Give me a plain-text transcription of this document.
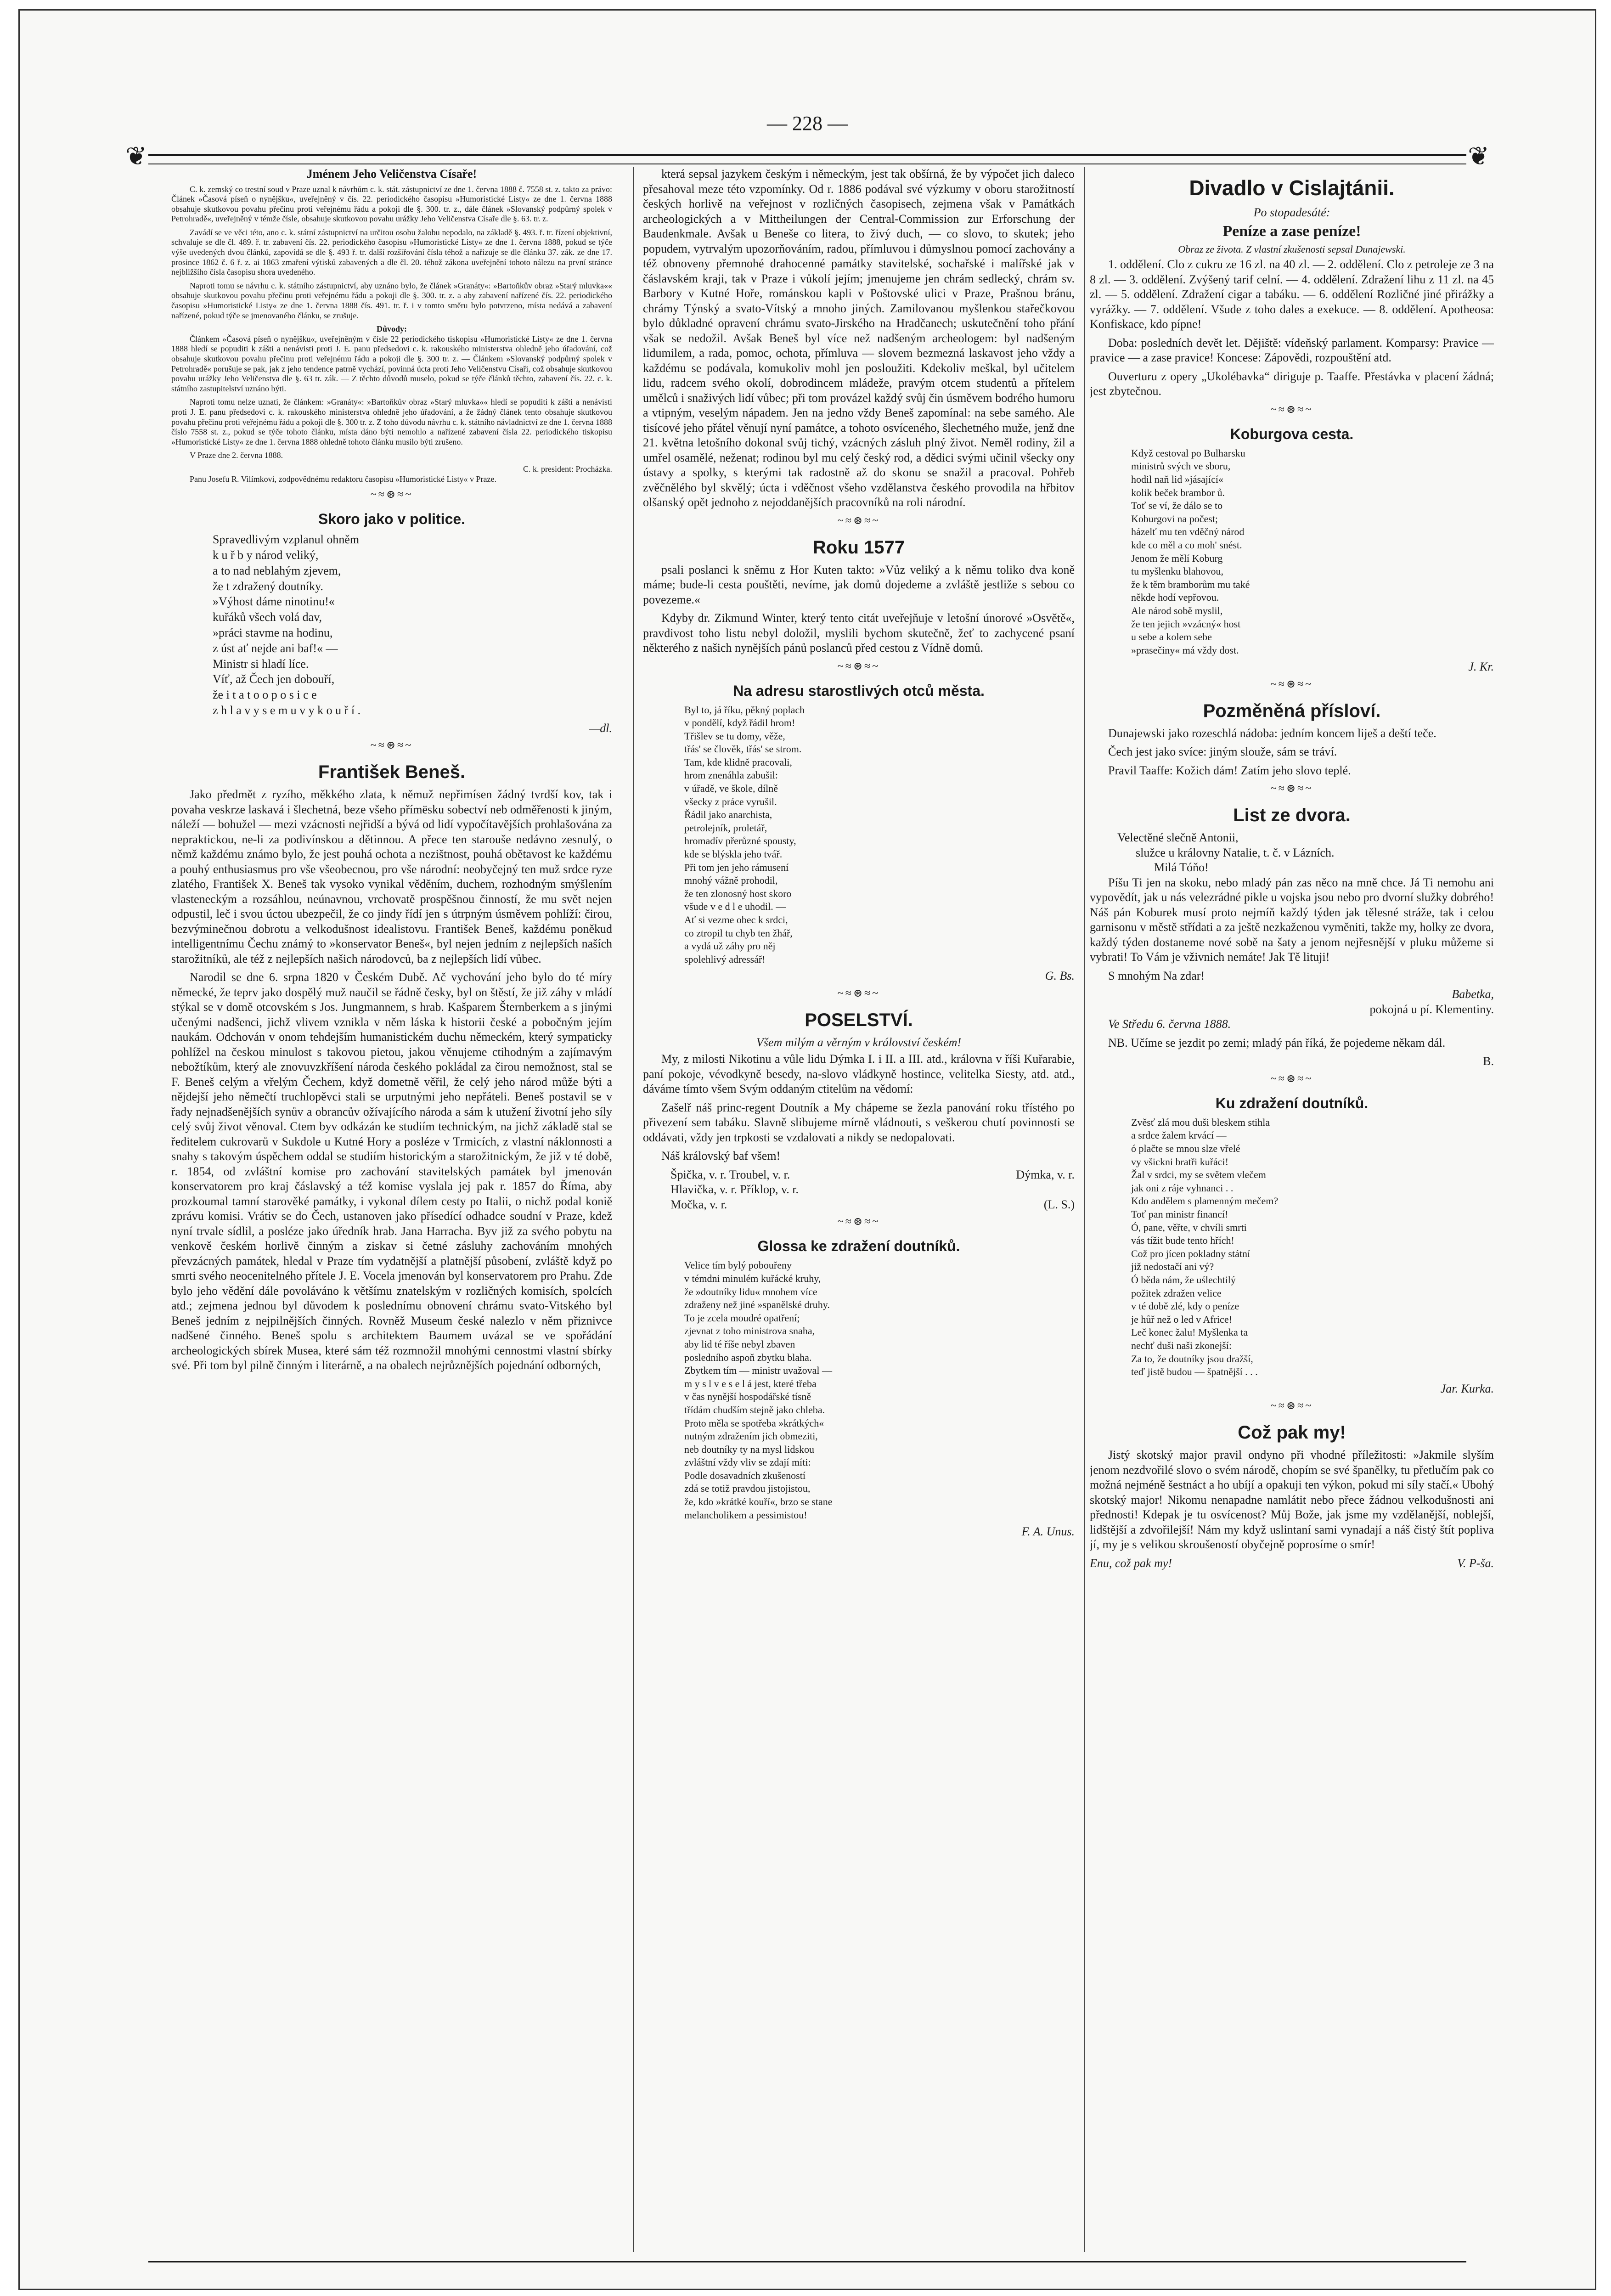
— 228 —
❦	❦
Jménem Jeho Veličenstva Císaře!

C. k. zemský co trestní soud v Praze uznal k návrhům c. k. stát. zástupnictví ze dne 1. června 1888 č. 7558 st. z. takto za právo: Článek »Časová píseň o nynějšku«, uveřejněný v čís. 22. periodického časopisu »Humoristické Listy« ze dne 1. června 1888 obsahuje skutkovou povahu přečinu proti veřejnému řádu a pokoji dle §. 300. tr. z., dále článek »Slovanský podpůrný spolek v Petrohradě«, uveřejněný v témže čísle, obsahuje skutkovou povahu urážky Jeho Veličenstva Císaře dle §. 63. tr. z.

Zavádí se ve věci této, ano c. k. státní zástupnictví na určitou osobu žalobu nepodalo, na základě §. 493. ř. tr. řízení objektivní, schvaluje se dle čl. 489. ř. tr. zabavení čís. 22. periodického časopisu »Humoristické Listy« ze dne 1. června 1888, pokud se týče výše uvedených dvou článků, zapovídá se dle §. 493 ř. tr. další rozšiřování čísla téhož a nařizuje se dle článku 37. zák. ze dne 17. prosince 1862 č. 6 ř. z. ai 1863 zmaření výtisků zabavených a dle čl. 20. téhož zákona uveřejnění tohoto nálezu na první stránce nejbližšího čísla časopisu shora uvedeného.

Naproti tomu se návrhu c. k. státního zástupnictví, aby uznáno bylo, že článek »Granáty«: »Bartoňkův obraz »Starý mluvka«« obsahuje skutkovou povahu přečinu proti veřejnému řádu a pokoji dle §. 300. tr. z. a aby zabavení nařízené čís. 22. periodického časopisu »Humoristické Listy« ze dne 1. června 1888 čís. 491. tr. ř. i v tomto směru bylo potvrzeno, místa nedává a zabavení nařízené, pokud týče se jmenovaného článku, se zrušuje.

Důvody:

Článkem »Časová píseň o nynějšku«, uveřejněným v čísle 22 periodického tiskopisu »Humoristické Listy« ze dne 1. června 1888 hledí se popuditi k zášti a nenávisti proti J. E. panu předsedovi c. k. rakouského ministerstva ohledně jeho úřadování, což obsahuje skutkovou povahu přečinu proti veřejnému řádu a pokoji dle §. 300 tr. z. — Článkem »Slovanský podpůrný spolek v Petrohradě« porušuje se pak, jak z jeho tendence patrně vychází, povinná úcta proti Jeho Veličenstvu Císaři, což obsahuje skutkovou povahu urážky Jeho Veličenstva dle §. 63 tr. zák. — Z těchto důvodů muselo, pokud se týče článků těchto, zabavení čís. 22. c. k. státního zastupitelství uznáno býti.

Naproti tomu nelze uznati, že článkem: »Granáty«: »Bartoňkův obraz »Starý mluvka«« hledí se popuditi k zášti a nenávisti proti J. E. panu předsedovi c. k. rakouského ministerstva ohledně jeho úřadování, a že žádný článek tento obsahuje skutkovou povahu přečinu proti veřejnému řádu a pokoji dle §. 300 tr. z. Z toho důvodu návrhu c. k. státního návladnictví ze dne 1. června 1888 číslo 7558 st. z., pokud se týče tohoto článku, místa dáno býti nemohlo a nařízené zabavení čísla 22. periodického tiskopisu »Humoristické Listy« ze dne 1. června 1888 ohledně tohoto článku musilo býti zrušeno.

V Praze dne 2. června 1888.

C. k. president: Procházka.

Panu Josefu R. Vilímkovi, zodpovědnému redaktoru časopisu »Humoristické Listy« v Praze.

~≈⊛≈~
Skoro jako v politice.
Spravedlivým vzplanul ohněm
k u ř b y národ veliký,
a to nad neblahým zjevem,
že t zdražený doutníky.
»Výhost dáme ninotinu!«
kuřáků všech volá dav,
»práci stavme na hodinu,
z úst ať nejde ani baf!« —
Ministr si hladí líce.
Víť, až Čech jen dobouří,
že i t a t o o p o s i c e
z h l a v y s e m u v y k o u ř í .
—dl.
~≈⊛≈~
František Beneš.

Jako předmět z ryzího, měkkého zlata, k němuž nepřimísen žádný tvrdší kov, tak i povaha veskrze laskavá i šlechetná, beze všeho přímësku sobectví neb odměřenosti k jiným, náleží — bohužel — mezi vzácnosti nejřidší a bývá od lidí vypočítavějších prohlašována za nepraktickou, ne-li za podivínskou a dětinnou. A přece ten starouše nedávno zesnulý, o němž každému známo bylo, že jest pouhá ochota a nezištnost, pouhá obětavost ke každému a pouhý enthusiasmus pro vše všeobecnou, pro vše národní: neobyčejný ten muž srdce ryze zlatého, František X. Beneš tak vysoko vynikal věděním, duchem, rozhodným smýšlením vlasteneckým a rozsáhlou, neúnavnou, vrchovatě prospěšnou činností, že mu svět nejen odpustil, leč i svou úctou ubezpečil, že co jindy řídí jen s útrpným úsměvem pohlíží: čirou, bezvýminečnou dobrotu a velkodušnost idealistovu. František Beneš, každému poněkud intelligentnímu Čechu známý to »konservator Beneš«, byl nejen jedním z nejlepších naších starožitníků, ale též z nejlepších našich národovců, ba z nejlepších lidí vůbec.

Narodil se dne 6. srpna 1820 v Českém Dubě. Ač vychování jeho bylo do té míry německé, že teprv jako dospělý muž naučil se řádně česky, byl on štěstí, že již záhy v mládí stýkal se v domě otcovském s Jos. Jungmannem, s hrab. Kašparem Šternberkem a s jinými učenými nadšenci, jichž vlivem vznikla v něm láska k historii české a pobočným jejím naukám. Odchován v onom tehdejším humanistickém duchu německém, který sympaticky pohlížel na českou minulost s takovou pietou, jakou věnujeme ctihodným a zajímavým nebožtíkům, který ale znovuvzkříšení národa českého pokládal za čirou nemožnost, stal se F. Beneš celým a vřelým Čechem, když dometně věřil, že celý jeho národ může býti a nějdejší jeho němečtí truchlopěvci stali se urputnými jeho nepřáteli. Beneš postavil se v řady nejnadšenějších synův a obrancův ožívajícího národa a sám k utužení životní jeho síly celý svůj život věnoval. Ctem byv odkázán ke studiím technickým, na jichž základě stal se ředitelem cukrovarů v Sukdole u Kutné Hory a posléze v Trmicích, z vlastní náklonnosti a snahy s takovým úspěchem oddal se studiím historickým a starožitnickým, že již v té době, r. 1854, od zvláštní komise pro zachování stavitelských památek byl jmenován konservatorem pro kraj čáslavský a též komise vyslala jej pak r. 1857 do Říma, aby prozkoumal tamní starověké památky, i vykonal dílem cesty po Italii, o nichž podal koniě zprávu komisi. Vrátiv se do Čech, ustanoven jako přísedící odhadce soudní v Praze, kdež nyní trvale sídlil, a posléze jako úředník hrab. Jana Harracha. Byv již za svého pobytu na venkově českém horlivě činným a ziskav si četné zásluhy zachováním mnohých převzácných památek, hledal v Praze tím vydatnější a platnější působení, zvláště když po smrti svého neocenitelného přítele J. E. Vocela jmenován byl konservatorem pro Prahu. Zde bylo jeho vědění dále povoláváno k většímu znatelským v rozličných komisích, spolcích atd.; zejmena jednou byl důvodem k poslednímu obnovení chrámu svato-Vitského byl Beneš jedním z nejpilnějších činných. Rovněž Museum české nalezlo v něm přiznivce nadšené činného. Beneš spolu s architektem Baumem uvázal se ve spořádání archeologických sbírek Musea, které sám též rozmnožil mnohými cennostmi vlastní sbírky své. Při tom byl pilně činným i literárně, a na obalech nejrůznějších pojednání odborných,

která sepsal jazykem českým i německým, jest tak obšírná, že by výpočet jich daleco přesahoval meze této vzpomínky. Od r. 1886 podával své výzkumy v oboru starožitností českých horlivě na veřejnost v rozličných časopisech, zejmena však v Památkách archeologických a v Mittheilungen der Central-Commission zur Erforschung der Baudenkmale. Avšak u Beneše co litera, to živý duch, — co slovo, to skutek; jeho popudem, vytrvalým upozorňováním, radou, přímluvou i důmyslnou pomocí zachovány a též obnoveny přemnohé drahocenné památky stavitelské, sochařské i malířské jak v čáslavském kraji, tak v Praze i vůkolí jejím; jmenujeme jen chrám sedlecký, chrám sv. Barbory v Kutné Hoře, románskou kapli v Poštovské ulici v Praze, Prašnou bránu, chrámy Týnský a svato-Vítský a mnoho jiných. Zamilovanou myšlenkou stařečkovou bylo důkladné opravení chrámu svato-Jirského na Hradčanech; uskutečnění toho přání však se nedožil. Avšak Beneš byl více než nadšeným archeologem: byl nadšeným lidumilem, a rada, pomoc, ochota, přímluva — slovem bezmezná laskavost jeho vždy a každému se podávala, komukoliv mohl jen posloužiti. Kdekoliv meškal, byl učitelem lidu, radcem svého okolí, dobrodincem mládeže, pravým otcem studentů a přítelem umělců i snaživých lidí vůbec; při tom provázel každý svůj čin úsměvem bodrého humoru a vtipným, veselým nápadem. Jen na jedno vždy Beneš zapomínal: na sebe samého. Ale tisícové jeho přátel věnují nyní památce, a tohoto osvíceného, šlechetného muže, jenž dne 21. května letošního dokonal svůj tichý, vzácných zásluh plný život. Neměl rodiny, žil a umřel osamělé, neženat; rodinou byl mu celý český rod, a dědici svými učinil všecky ony ústavy a spolky, s kterými tak radostně až do skonu se snažil a pracoval. Pohřeb zvěčnělého byl skvělý; úcta i vděčnost všeho vzdělanstva českého provodila na hřbitov olšanský opět jednoho z nejoddanějších pracovníků na roli národní.

~≈⊛≈~
Roku 1577

psali poslanci k sněmu z Hor Kuten takto: »Vůz veliký a k němu toliko dva koně máme; bude-li cesta pouštěti, nevíme, jak domů dojedeme a zvláště jestliže s sebou co povezeme.«

Kdyby dr. Zikmund Winter, který tento citát uveřejňuje v letošní únorové »Osvětě«, pravdivost toho listu nebyl doložil, myslili bychom skutečně, žeť to zachycené psaní některého z našich nynějších pánů poslanců před cestou z Vídně domů.

~≈⊛≈~
Na adresu starostlivých otců města.
Byl to, já říku, pěkný poplach
v pondělí, když řádil hrom!
Třišlev se tu domy, věže,
třás' se člověk, třás' se strom.
Tam, kde klidně pracovali,
hrom znenáhla zabušil:
v úřadě, ve škole, dílně
všecky z práce vyrušil.
Řádil jako anarchista,
petrolejník, proletář,
hromadív přerůzné spousty,
kde se blýskla jeho tvář.
Při tom jen jeho rámusení
mnohý vážně prohodil,
že ten zlonosný host skoro
všude v e d l e uhodil. —
Ať si vezme obec k srdci,
co ztropil tu chyb ten žhář,
a vydá už záhy pro něj
spolehlivý adressář!
G. Bs.
~≈⊛≈~
POSELSTVÍ.
Všem milým a věrným v království českém!

My, z milosti Nikotinu a vůle lidu Dýmka I. i II. a III. atd., královna v říši Kuřarabie, paní pokoje, vévodkyně besedy, na-slovo vládkyně hostince, velitelka Siesty, atd. atd., dáváme tímto všem Svým oddaným ctitelům na vědomí:

Zašelř náš princ-regent Doutník a My chápeme se žezla panování roku třístého po přivezení sem tabáku. Slavně slibujeme mírně vládnouti, s veškerou chutí povinnosti se oddávati, vždy jen trpkosti se vzdalovati a nikdy se nedopalovati.

Náš královský baf všem!

Špička, v. r. Troubel, v. r.	Dýmka, v. r.
Hlavička, v. r. Příklop, v. r.
Močka, v. r.	(L. S.)
~≈⊛≈~
Glossa ke zdražení doutníků.
Velice tím bylý pobouřeny
v témdni minulém kuřácké kruhy,
že »doutníky lidu« mnohem více
zdraženy než jiné »spanělské druhy.
To je zcela moudré opatření;
zjevnat z toho ministrova snaha,
aby lid té říše nebyl zbaven
posledního aspoň zbytku blaha.
Zbytkem tím — ministr uvažoval —
m y s l v e s e l á jest, které třeba
v čas nynější hospodářské tísně
třídám chudším stejně jako chleba.
Proto měla se spotřeba »krátkých«
nutným zdražením jich obmeziti,
neb doutníky ty na mysl lidskou
zvláštní vždy vliv se zdají míti:
Podle dosavadních zkušeností
zdá se totiž pravdou jistojistou,
že, kdo »krátké kouří«, brzo se stane
melancholikem a pessimistou!
F. A. Unus.
Divadlo v Cislajtánii.
Po stopadesáté:
Peníze a zase peníze!
Obraz ze života. Z vlastní zkušenosti sepsal Dunajewski.

1. oddělení. Clo z cukru ze 16 zl. na 40 zl. — 2. oddělení. Clo z petroleje ze 3 na 8 zl. — 3. oddělení. Zvýšený tarif celní. — 4. oddělení. Zdražení lihu z 11 zl. na 45 zl. — 5. oddělení. Zdražení cigar a tabáku. — 6. oddělení Rozličné jiné přirážky a vyrážky. — 7. oddělení. Všude z toho dales a exekuce. — 8. oddělení. Apotheosa: Konfiskace, kdo pípne!

Doba: posledních devět let. Dějiště: vídeňský parlament. Komparsy: Pravice — pravice — a zase pravice! Koncese: Zápovědi, rozpouštění atd.

Ouverturu z opery „Ukolébavka“ diriguje p. Taaffe. Přestávka v placení žádná; jest zbytečnou.

~≈⊛≈~
Koburgova cesta.
Když cestoval po Bulharsku
ministrů svých ve sboru,
hodil naň lid »jásající«
kolik beček brambor ů.
Toť se ví, že dálo se to
Koburgovi na počest;
házelť mu ten vděčný národ
kde co měl a co moh' snést.
Jenom že mělí Koburg
tu myšlenku blahovou,
že k těm bramborům mu také
někde hodí vepřovou.
Ale národ sobě myslil,
že ten jejich »vzácný« host
u sebe a kolem sebe
»prasečiny« má vždy dost.
J. Kr.
~≈⊛≈~
Pozměněná přísloví.

Dunajewski jako rozeschlá nádoba: jedním koncem liješ a deští teče.

Čech jest jako svíce: jiným slouže, sám se tráví.

Pravil Taaffe: Kožich dám! Zatím jeho slovo teplé.

~≈⊛≈~
List ze dvora.
Velectěné slečně Antonii,
služce u královny Natalie, t. č. v Lázních.
Milá Tóňo!

Píšu Ti jen na skoku, nebo mladý pán zas něco na mně chce. Já Ti nemohu ani vypovědít, jak u nás velezrádné pikle u vojska jsou nebo pro dvorní služky dobrého! Náš pán Koburek musí proto nejmíň každý týden jak tělesné stráže, tak i celou garnisonu v městě střídati a za ještě nezkaženou vyměniti, takže my, holky ze dvora, každý týden dostaneme nové sobě na šaty a jenom nejřesnější v pluku můžeme si vybrati! To Vám je vživnich nemáte! Jak Tě lituji!

S mnohým Na zdar!

Babetka,
pokojná u pí. Klementiny.

Ve Středu 6. června 1888.

NB. Učíme se jezdit po zemi; mladý pán říká, že pojedeme někam dál.

B.
~≈⊛≈~
Ku zdražení doutníků.
Zvěsť zlá mou duši bleskem stihla
a srdce žalem krvácí —
ó plačte se mnou slze vřelé
vy všickni bratři kuřáci!
Žal v srdci, my se světem vlečem
jak oni z ráje vyhnanci . .
Kdo andělem s plamenným mečem?
Toť pan ministr financí!
Ó, pane, věřte, v chvíli smrti
vás tížit bude tento hřích!
Což pro jícen pokladny státní
již nedostačí ani vý?
Ó běda nám, že uślechtilý
požitek zdražen velice
v té době zlé, kdy o peníze
je hůř než o led v Africe!
Leč konec žalu! Myšlenka ta
nechť duši naši zkonejší:
Za to, že doutníky jsou dražší,
teď jistě budou — špatnější . . .
Jar. Kurka.
~≈⊛≈~
Což pak my!

Jistý skotský major pravil ondyno při vhodné příležitosti: »Jakmile slyším jenom nezdvořilé slovo o svém národě, chopím se své španělky, tu přetlučím pak co možná nejméně šestnáct a ho ubíjí a opakuji ten výkon, pokud mi síly stačí.« Ubohý skotský major! Nikomu nenapadne namlátit nebo přece žádnou velkodušnosti ani přednosti! Kdepak je tu osvícenost? Můj Bože, jak jsme my vzdělanější, noblejší, lidštější a zdvořilejší! Nám my když uslintaní sami vynadají a náš čistý štít popliva jí, my je s velikou skroušeností obyčejně poprosíme o smír!

Enu, což pak my!	V. P-ša.
